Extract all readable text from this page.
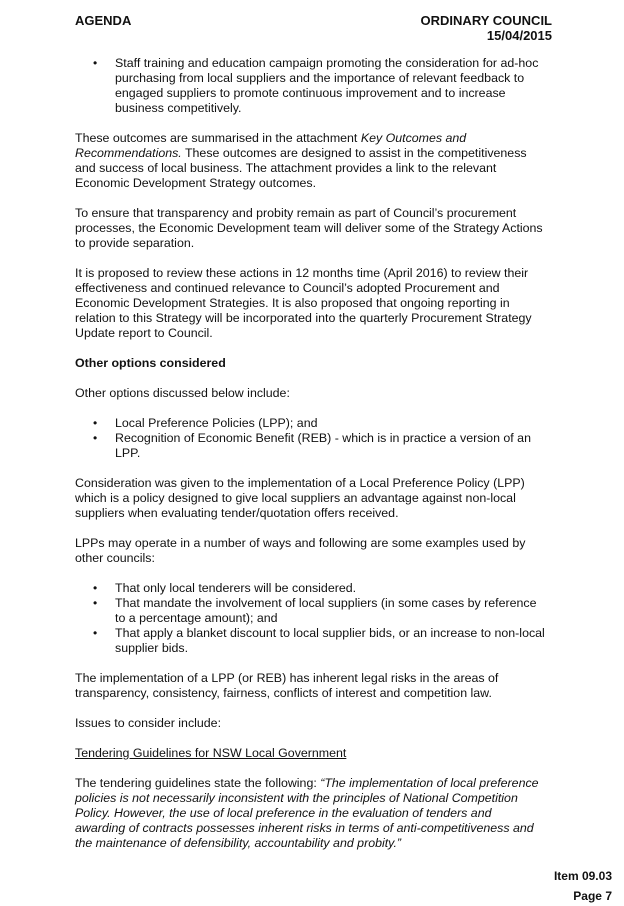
AGENDA	ORDINARY COUNCIL
15/04/2015
• Staff training and education campaign promoting the consideration for ad-hoc purchasing from local suppliers and the importance of relevant feedback to engaged suppliers to promote continuous improvement and to increase business competitively.

These outcomes are summarised in the attachment Key Outcomes and Recommendations. These outcomes are designed to assist in the competitiveness and success of local business. The attachment provides a link to the relevant Economic Development Strategy outcomes.

To ensure that transparency and probity remain as part of Council’s procurement processes, the Economic Development team will deliver some of the Strategy Actions to provide separation.

It is proposed to review these actions in 12 months time (April 2016) to review their effectiveness and continued relevance to Council’s adopted Procurement and Economic Development Strategies. It is also proposed that ongoing reporting in relation to this Strategy will be incorporated into the quarterly Procurement Strategy Update report to Council.

Other options considered

Other options discussed below include:

• Local Preference Policies (LPP); and
• Recognition of Economic Benefit (REB) - which is in practice a version of an LPP.

Consideration was given to the implementation of a Local Preference Policy (LPP) which is a policy designed to give local suppliers an advantage against non-local suppliers when evaluating tender/quotation offers received.

LPPs may operate in a number of ways and following are some examples used by other councils:

• That only local tenderers will be considered.
• That mandate the involvement of local suppliers (in some cases by reference to a percentage amount); and
• That apply a blanket discount to local supplier bids, or an increase to non-local supplier bids.

The implementation of a LPP (or REB) has inherent legal risks in the areas of transparency, consistency, fairness, conflicts of interest and competition law.

Issues to consider include:

Tendering Guidelines for NSW Local Government

The tendering guidelines state the following: “The implementation of local preference policies is not necessarily inconsistent with the principles of National Competition Policy. However, the use of local preference in the evaluation of tenders and awarding of contracts possesses inherent risks in terms of anti-competitiveness and the maintenance of defensibility, accountability and probity.”

Item 09.03
Page 7
